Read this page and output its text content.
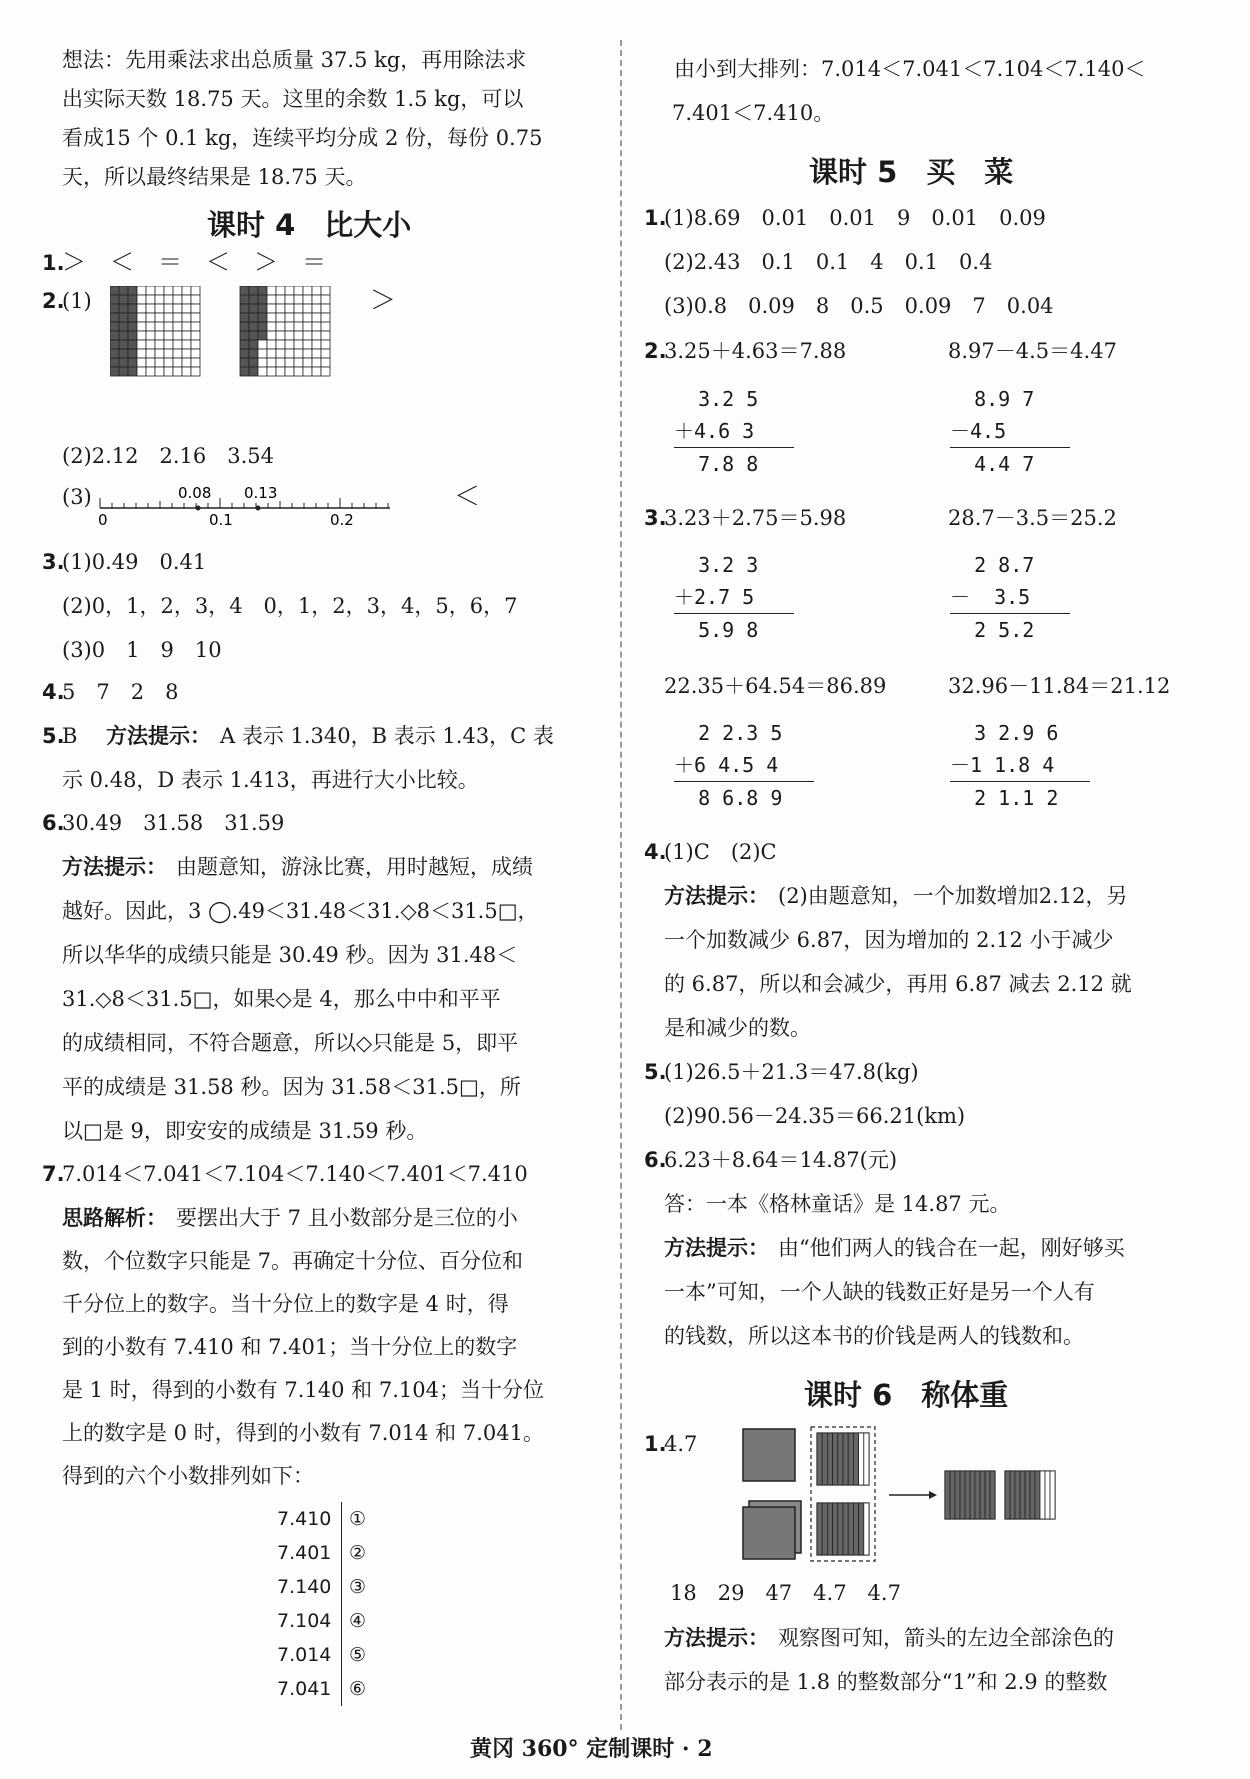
想法：先用乘法求出总质量 37.5 kg，再用除法求
出实际天数 18.75 天。这里的余数 1.5 kg，可以
看成15 个 0.1 kg，连续平均分成 2 份，每份 0.75
天，所以最终结果是 18.75 天。
课时 4　比大小
1.
＞　＜　＝　＜　＞　＝
2.
(1)	＞
(2)2.12　2.16　3.54
(3)	0.08 0.13
0	0.1	0.2
＜
3.
(1)0.49　0.41
(2)0，1，2，3，4　0，1，2，3，4，5，6，7
(3)0　1　9　10
4.
5　7　2　8
5.
B　 方法提示： A 表示 1.340，B 表示 1.43，C 表
示 0.48，D 表示 1.413，再进行大小比较。
6.
30.49　31.58　31.59
方法提示： 由题意知，游泳比赛，用时越短，成绩
越好。因此，3 ◯.49＜31.48＜31.◇8＜31.5□，
所以华华的成绩只能是 30.49 秒。因为 31.48＜
31.◇8＜31.5□，如果◇是 4，那么中中和平平
的成绩相同，不符合题意，所以◇只能是 5，即平
平的成绩是 31.58 秒。因为 31.58＜31.5□，所
以□是 9，即安安的成绩是 31.59 秒。
7.
7.014＜7.041＜7.104＜7.140＜7.401＜7.410
思路解析： 要摆出大于 7 且小数部分是三位的小
数，个位数字只能是 7。再确定十分位、百分位和
千分位上的数字。当十分位上的数字是 4 时，得
到的小数有 7.410 和 7.401；当十分位上的数字
是 1 时，得到的小数有 7.140 和 7.104；当十分位
上的数字是 0 时，得到的小数有 7.014 和 7.041。
得到的六个小数排列如下：
7.410 ①
7.401 ②
7.140 ③
7.104 ④
7.014 ⑤
7.041 ⑥
由小到大排列：7.014＜7.041＜7.104＜7.140＜
7.401＜7.410。
课时 5　买　菜
1.
(1)8.69　0.01　0.01　9　0.01　0.09
(2)2.43　0.1　0.1　4　0.1　0.4
(3)0.8　0.09　8　0.5　0.09　7　0.04
2.
3.25＋4.63＝7.88	8.97－4.5＝4.47
3.2 5
＋4.6 3
7.8 8
8.9 7
－4.5
4.4 7
3.
3.23＋2.75＝5.98	28.7－3.5＝25.2
3.2 3
＋2.7 5
5.9 8
2 8.7
－  3.5
2 5.2
22.35＋64.54＝86.89	32.96－11.84＝21.12
2 2.3 5
＋6 4.5 4
8 6.8 9
3 2.9 6
－1 1.8 4
2 1.1 2
4.
(1)C　(2)C
方法提示： (2)由题意知，一个加数增加2.12，另
一个加数减少 6.87，因为增加的 2.12 小于减少
的 6.87，所以和会减少，再用 6.87 减去 2.12 就
是和减少的数。
5.
(1)26.5＋21.3＝47.8(kg)
(2)90.56－24.35＝66.21(km)
6.
6.23＋8.64＝14.87(元)
答：一本《格林童话》是 14.87 元。
方法提示： 由“他们两人的钱合在一起，刚好够买
一本”可知，一个人缺的钱数正好是另一个人有
的钱数，所以这本书的价钱是两人的钱数和。
课时 6　称体重
1.
4.7
18　29　47　4.7　4.7
方法提示： 观察图可知，箭头的左边全部涂色的
部分表示的是 1.8 的整数部分“1”和 2.9 的整数
黄冈 360° 定制课时 · 2
